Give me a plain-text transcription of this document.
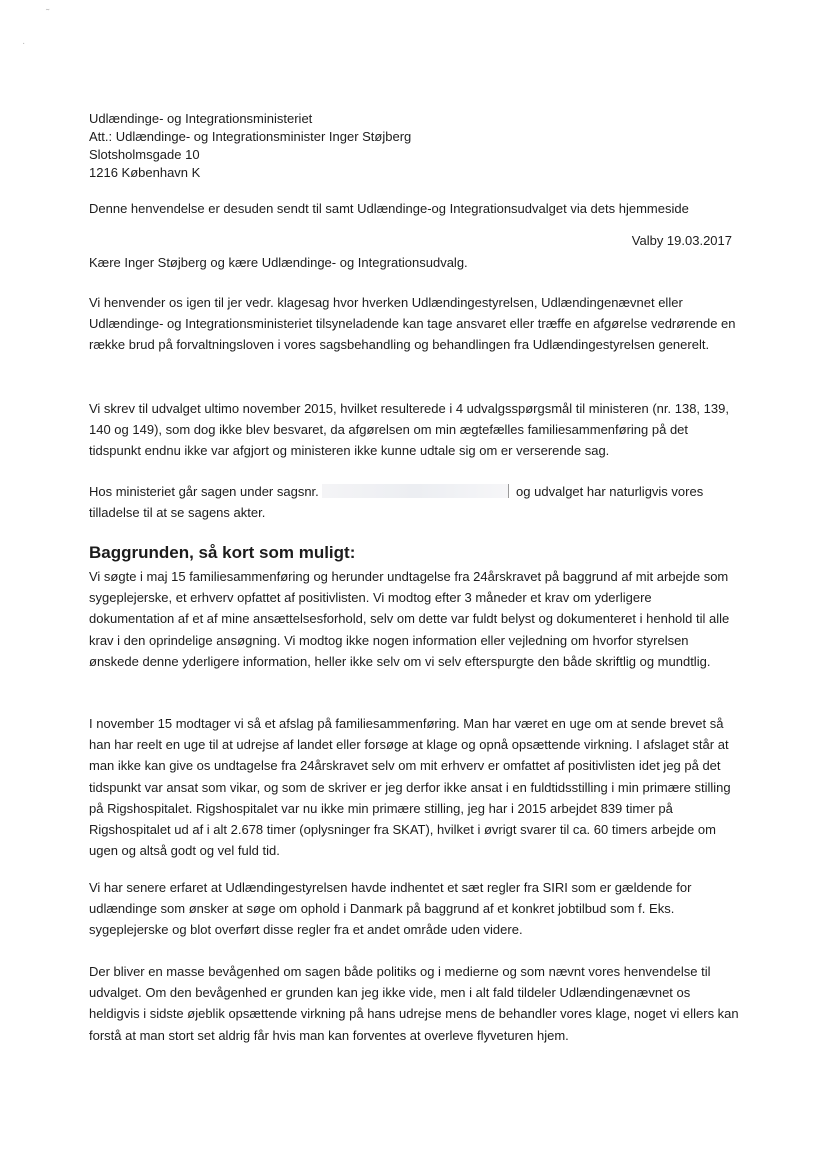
˜
·
Udlændinge- og Integrationsministeriet
Att.: Udlændinge- og Integrationsminister Inger Støjberg
Slotsholmsgade 10
1216 København K
Denne henvendelse er desuden sendt til samt Udlændinge-og Integrationsudvalget via dets hjemmeside
Valby 19.03.2017
Kære Inger Støjberg og kære Udlændinge- og Integrationsudvalg.
Vi henvender os igen til jer vedr. klagesag hvor hverken Udlændingestyrelsen, Udlændingenævnet eller Udlændinge- og Integrationsministeriet tilsyneladende kan tage ansvaret eller træffe en afgørelse vedrørende en række brud på forvaltningsloven i vores sagsbehandling og behandlingen fra Udlændingestyrelsen generelt.
Vi skrev til udvalget ultimo november 2015, hvilket resulterede i 4 udvalgsspørgsmål til ministeren (nr. 138, 139, 140 og 149), som dog ikke blev besvaret, da afgørelsen om min ægtefælles familiesammenføring på det tidspunkt endnu ikke var afgjort og ministeren ikke kunne udtale sig om er verserende sag.
Hos ministeriet går sagen under sagsnr.	og udvalget har naturligvis vores tilladelse til at se sagens akter.
Baggrunden, så kort som muligt:
Vi søgte i maj 15 familiesammenføring og herunder undtagelse fra 24årskravet på baggrund af mit arbejde som sygeplejerske, et erhverv opfattet af positivlisten. Vi modtog efter 3 måneder et krav om yderligere dokumentation af et af mine ansættelsesforhold, selv om dette var fuldt belyst og dokumenteret i henhold til alle krav i den oprindelige ansøgning. Vi modtog ikke nogen information eller vejledning om hvorfor styrelsen ønskede denne yderligere information, heller ikke selv om vi selv efterspurgte den både skriftlig og mundtlig.
I november 15 modtager vi så et afslag på familiesammenføring. Man har været en uge om at sende brevet så han har reelt en uge til at udrejse af landet eller forsøge at klage og opnå opsættende virkning. I afslaget står at man ikke kan give os undtagelse fra 24årskravet selv om mit erhverv er omfattet af positivlisten idet jeg på det tidspunkt var ansat som vikar, og som de skriver er jeg derfor ikke ansat i en fuldtidsstilling i min primære stilling på Rigshospitalet. Rigshospitalet var nu ikke min primære stilling, jeg har i 2015 arbejdet 839 timer på Rigshospitalet ud af i alt 2.678 timer (oplysninger fra SKAT), hvilket i øvrigt svarer til ca. 60 timers arbejde om ugen og altså godt og vel fuld tid.
Vi har senere erfaret at Udlændingestyrelsen havde indhentet et sæt regler fra SIRI som er gældende for udlændinge som ønsker at søge om ophold i Danmark på baggrund af et konkret jobtilbud som f. Eks. sygeplejerske og blot overført disse regler fra et andet område uden videre.
Der bliver en masse bevågenhed om sagen både politiks og i medierne og som nævnt vores henvendelse til udvalget. Om den bevågenhed er grunden kan jeg ikke vide, men i alt fald tildeler Udlændingenævnet os heldigvis i sidste øjeblik opsættende virkning på hans udrejse mens de behandler vores klage, noget vi ellers kan forstå at man stort set aldrig får hvis man kan forventes at overleve flyveturen hjem.
